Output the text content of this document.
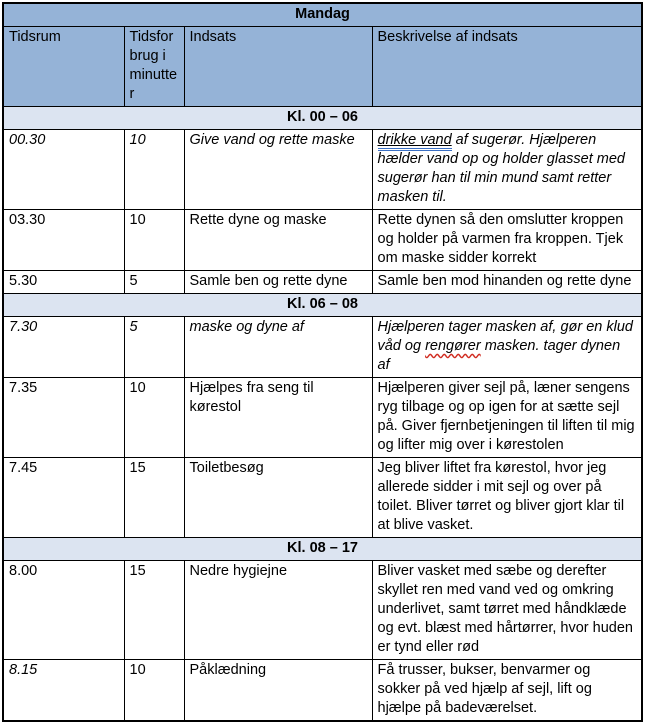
Mandag			
Tidsrum	Tidsforbrug i minutter	Indsats	Beskrivelse af indsats
Kl. 00 – 06			
00.30	10	Give vand og rette maske	drikke vand af sugerør. Hjælperen hælder vand op og holder glasset med sugerør han til min mund samt retter masken til.
03.30	10	Rette dyne og maske	Rette dynen så den omslutter kroppen og holder på varmen fra kroppen. Tjek om maske sidder korrekt
5.30	5	Samle ben og rette dyne	Samle ben mod hinanden og rette dyne
Kl. 06 – 08			
7.30	5	maske og dyne af	Hjælperen tager masken af, gør en klud våd og rengører masken. tager dynen af
7.35	10	Hjælpes fra seng til kørestol	Hjælperen giver sejl på, læner sengens ryg tilbage og op igen for at sætte sejl på. Giver fjernbetjeningen til liften til mig og lifter mig over i kørestolen
7.45	15	Toiletbesøg	Jeg bliver liftet fra kørestol, hvor jeg allerede sidder i mit sejl og over på toilet. Bliver tørret og bliver gjort klar til at blive vasket.
Kl. 08 – 17			
8.00	15	Nedre hygiejne	Bliver vasket med sæbe og derefter skyllet ren med vand ved og omkring underlivet, samt tørret med håndklæde og evt. blæst med hårtørrer, hvor huden er tynd eller rød
8.15	10	Påklædning	Få trusser, bukser, benvarmer og sokker på ved hjælp af sejl, lift og hjælpe på badeværelset.
